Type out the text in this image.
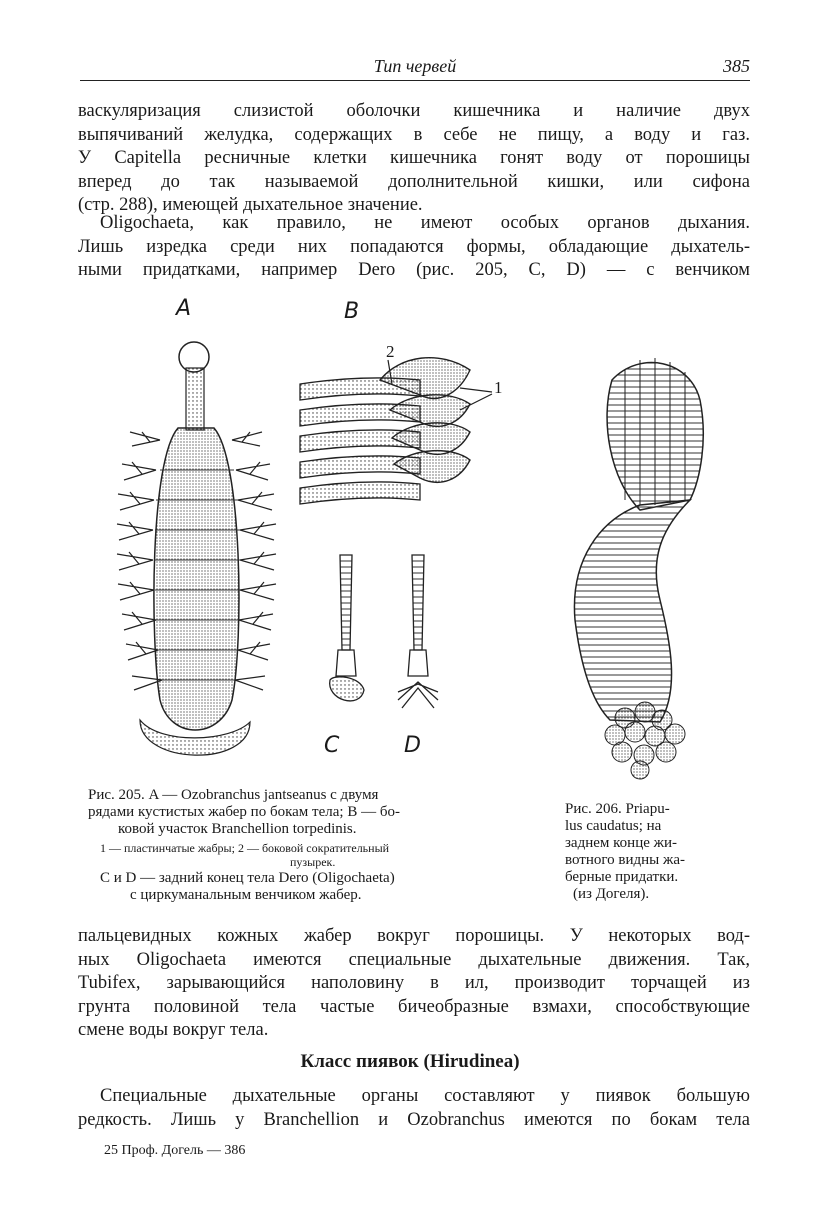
Тип червей	385
васкуляризация слизистой оболочки кишечника и наличие двух
выпячиваний желудка, содержащих в себе не пищу, а воду и газ.
У Capitella ресничные клетки кишечника гонят воду от порошицы
вперед до так называемой дополнительной кишки, или сифона
(стр. 288), имеющей дыхательное значение.
Oligochaeta, как правило, не имеют особых органов дыхания.
Лишь изредка среди них попадаются формы, обладающие дыхатель-
ными придатками, например Dero (рис. 205, C, D) — с венчиком
A	B
C	D
2
1
Рис. 205. A — Ozobranchus jantseanus с двумя
рядами кустистых жабер по бокам тела; B — бо-
ковой участок Branchellion torpedinis.
1 — пластинчатые жабры; 2 — боковой сократительный
пузырек.
C и D — задний конец тела Dero (Oligochaeta)
с циркуманальным венчиком жабер.
Рис. 206. Priapu-
lus caudatus; на
заднем конце жи-
вотного видны жа-
берные придатки.
(из Догеля).
пальцевидных кожных жабер вокруг порошицы. У некоторых вод-
ных Oligochaeta имеются специальные дыхательные движения. Так,
Tubifex, зарывающийся наполовину в ил, производит торчащей из
грунта половиной тела частые бичеобразные взмахи, способствующие
смене воды вокруг тела.
Класс пиявок (Hirudinea)
Специальные дыхательные органы составляют у пиявок большую
редкость. Лишь у Branchellion и Ozobranchus имеются по бокам тела
25 Проф. Догель — 386
